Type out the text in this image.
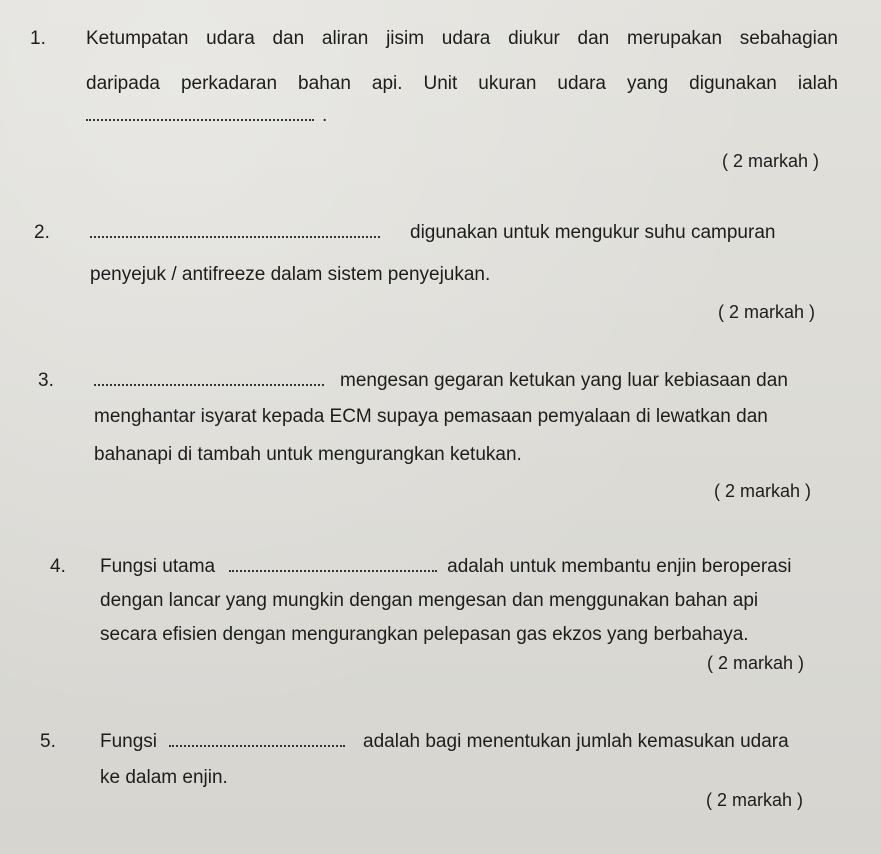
1. Ketumpatan udara dan aliran jisim udara diukur dan merupakan sebahagian
daripada perkadaran bahan api. Unit ukuran udara yang digunakan ialah
.
( 2 markah )
2.	digunakan untuk mengukur suhu campuran
penyejuk / antifreeze dalam sistem penyejukan.
( 2 markah )
3.	mengesan gegaran ketukan yang luar kebiasaan dan
menghantar isyarat kepada ECM supaya pemasaan pemyalaan di lewatkan dan
bahanapi di tambah untuk mengurangkan ketukan.
( 2 markah )
4. Fungsi utama	adalah untuk membantu enjin beroperasi
dengan lancar yang mungkin dengan mengesan dan menggunakan bahan api
secara efisien dengan mengurangkan pelepasan gas ekzos yang berbahaya.
( 2 markah )
5. Fungsi	adalah bagi menentukan jumlah kemasukan udara
ke dalam enjin.
( 2 markah )
